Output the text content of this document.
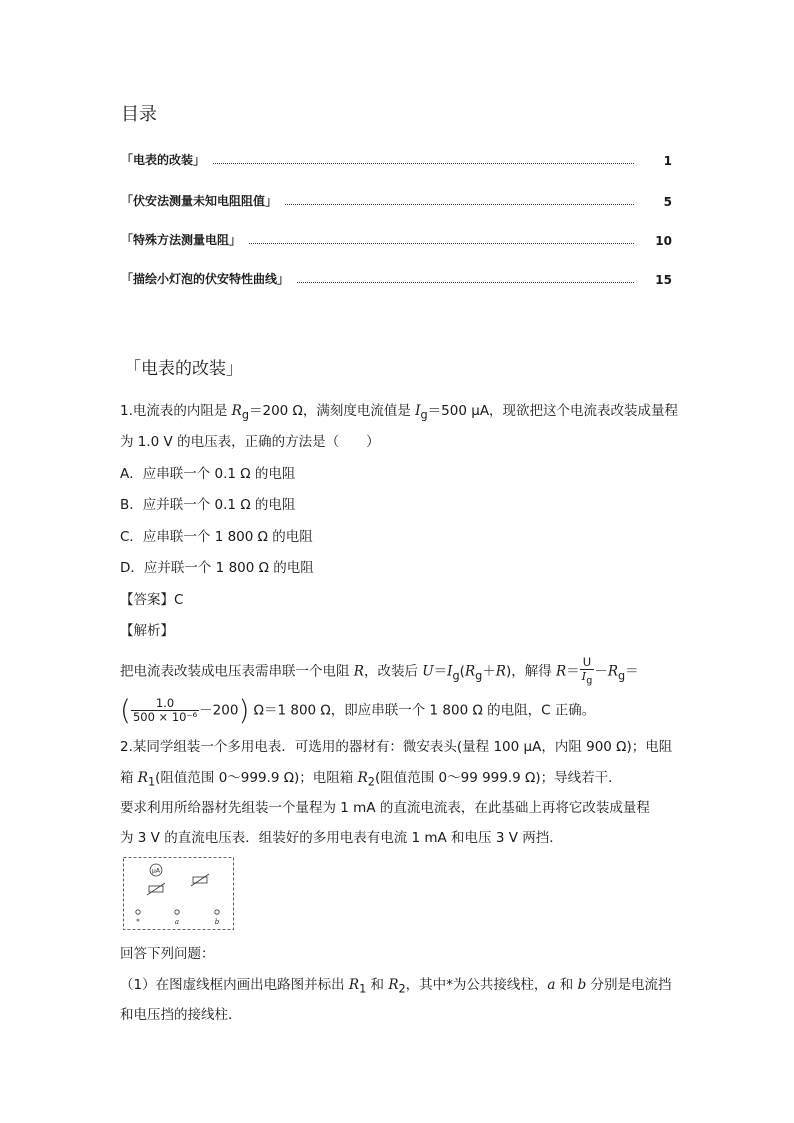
目录
「电表的改装」	1
「伏安法测量未知电阻阻值」	5
「特殊方法测量电阻」	10
「描绘小灯泡的伏安特性曲线」	15
「电表的改装」
1.电流表的内阻是 $R_g=200$ Ω，满刻度电流值是 $I_g=500$ μA，现欲把这个电流表改装成量程
为 1.0 V 的电压表，正确的方法是（　　）
A．应串联一个 0.1 Ω 的电阻
B．应并联一个 0.1 Ω 的电阻
C．应串联一个 1 800 Ω 的电阻
D．应并联一个 1 800 Ω 的电阻
【答案】C
【解析】
把电流表改装成电压表需串联一个电阻 R，改装后 $U=I_g(R_g+R)$，解得 $R= \frac{U}{I_g} -R_g=$
( $\frac{1.0}{\text{500 × 10⁻⁶}} -200$) Ω＝1 800 Ω，即应串联一个 1 800 Ω 的电阻，C 正确。
2.某同学组装一个多用电表．可选用的器材有：微安表头(量程 100 μA，内阻 900 Ω)；电阻
箱 $R_1$(阻值范围 0～999.9 Ω)；电阻箱 $R_2$(阻值范围 0～99 999.9 Ω)；导线若干．
要求利用所给器材先组装一个量程为 1 mA 的直流电流表，在此基础上再将它改装成量程
为 3 V 的直流电压表．组装好的多用电表有电流 1 mA 和电压 3 V 两挡．
μA
*	a	b
回答下列问题：
（1）在图虚线框内画出电路图并标出 $R_1$ 和 $R_2$，其中*为公共接线柱，a 和 b 分别是电流挡
和电压挡的接线柱．
